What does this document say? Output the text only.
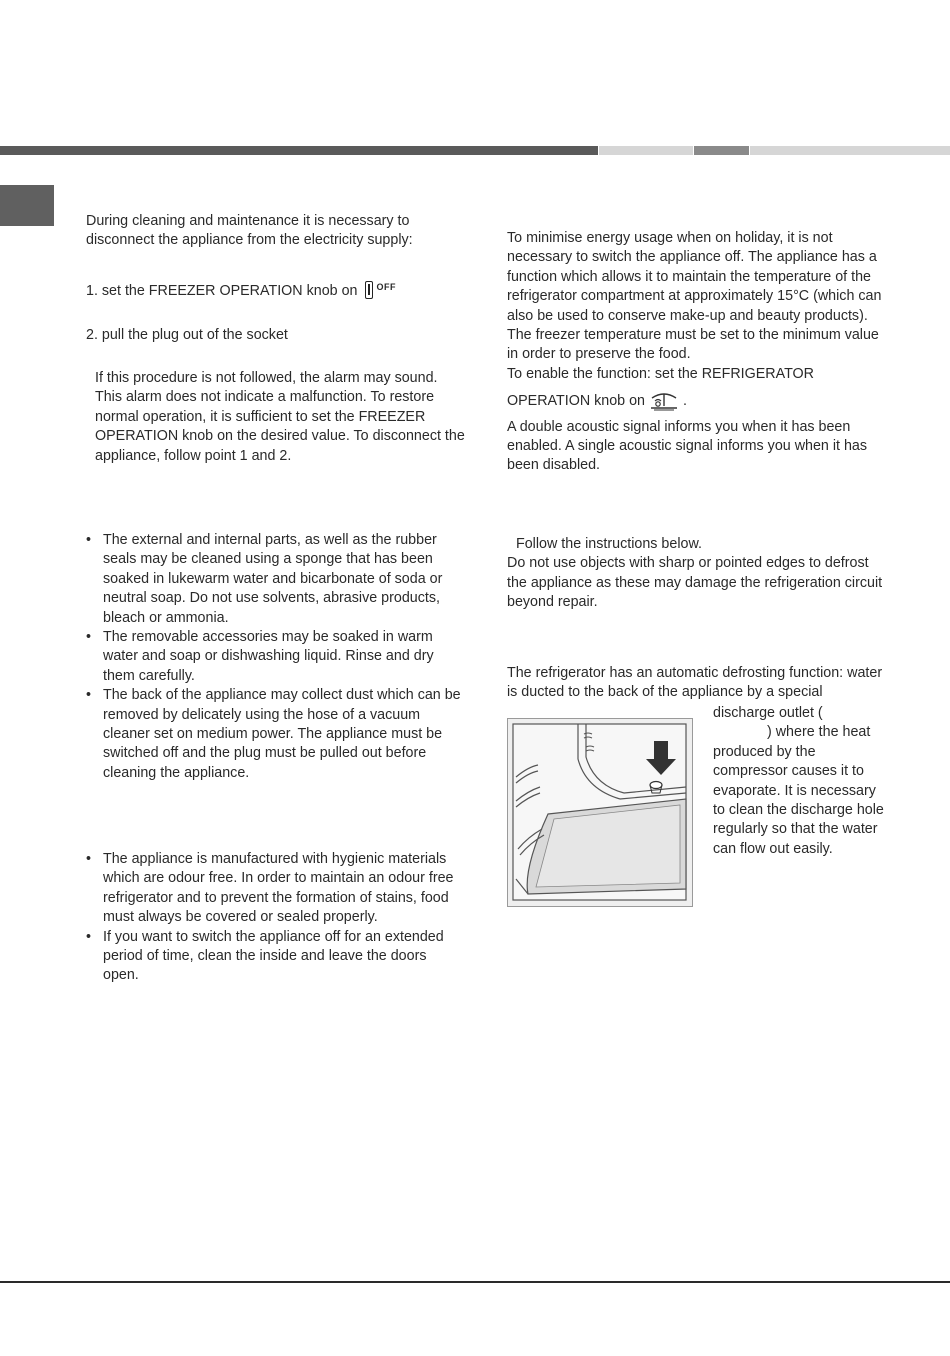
During cleaning and maintenance it is necessary to disconnect the appliance from the electricity supply:

1. set the FREEZER OPERATION knob on $^{OFF}$

2. pull the plug out of the socket

If this procedure is not followed, the alarm may sound. This alarm does not indicate a malfunction. To restore normal operation, it is sufficient to set the FREEZER OPERATION knob on the desired value. To disconnect the appliance, follow point 1 and 2.

• The external and internal parts, as well as the rubber seals may be cleaned using a sponge that has been soaked in lukewarm water and bicarbonate of soda or neutral soap. Do not use solvents, abrasive products, bleach or ammonia.
• The removable accessories may be soaked in warm water and soap or dishwashing liquid. Rinse and dry them carefully.
• The back of the appliance may collect dust which can be removed by delicately using the hose of a vacuum cleaner set on medium power. The appliance must be switched off and the plug must be pulled out before cleaning the appliance.
• The appliance is manufactured with hygienic materials which are odour free. In order to maintain an odour free refrigerator and to prevent the formation of stains, food must always be covered or sealed properly.
• If you want to switch the appliance off for an extended period of time, clean the inside and leave the doors open.

To minimise energy usage when on holiday, it is not necessary to switch the appliance off. The appliance has a function which allows it to maintain the temperature of the refrigerator compartment at approximately 15°C (which can also be used to conserve make-up and beauty products). The freezer temperature must be set to the minimum value in order to preserve the food.

To enable the function: set the REFRIGERATOR

OPERATION knob on	.

A double acoustic signal informs you when it has been enabled. A single acoustic signal informs you when it has been disabled.

Follow the instructions below.

Do not use objects with sharp or pointed edges to defrost the appliance as these may damage the refrigeration circuit beyond repair.

The refrigerator has an automatic defrosting function: water is ducted to the back of the appliance by a special

discharge outlet (

) where the heat

produced by the compressor causes it to evaporate. It is necessary to clean the discharge hole regularly so that the water can flow out easily.
